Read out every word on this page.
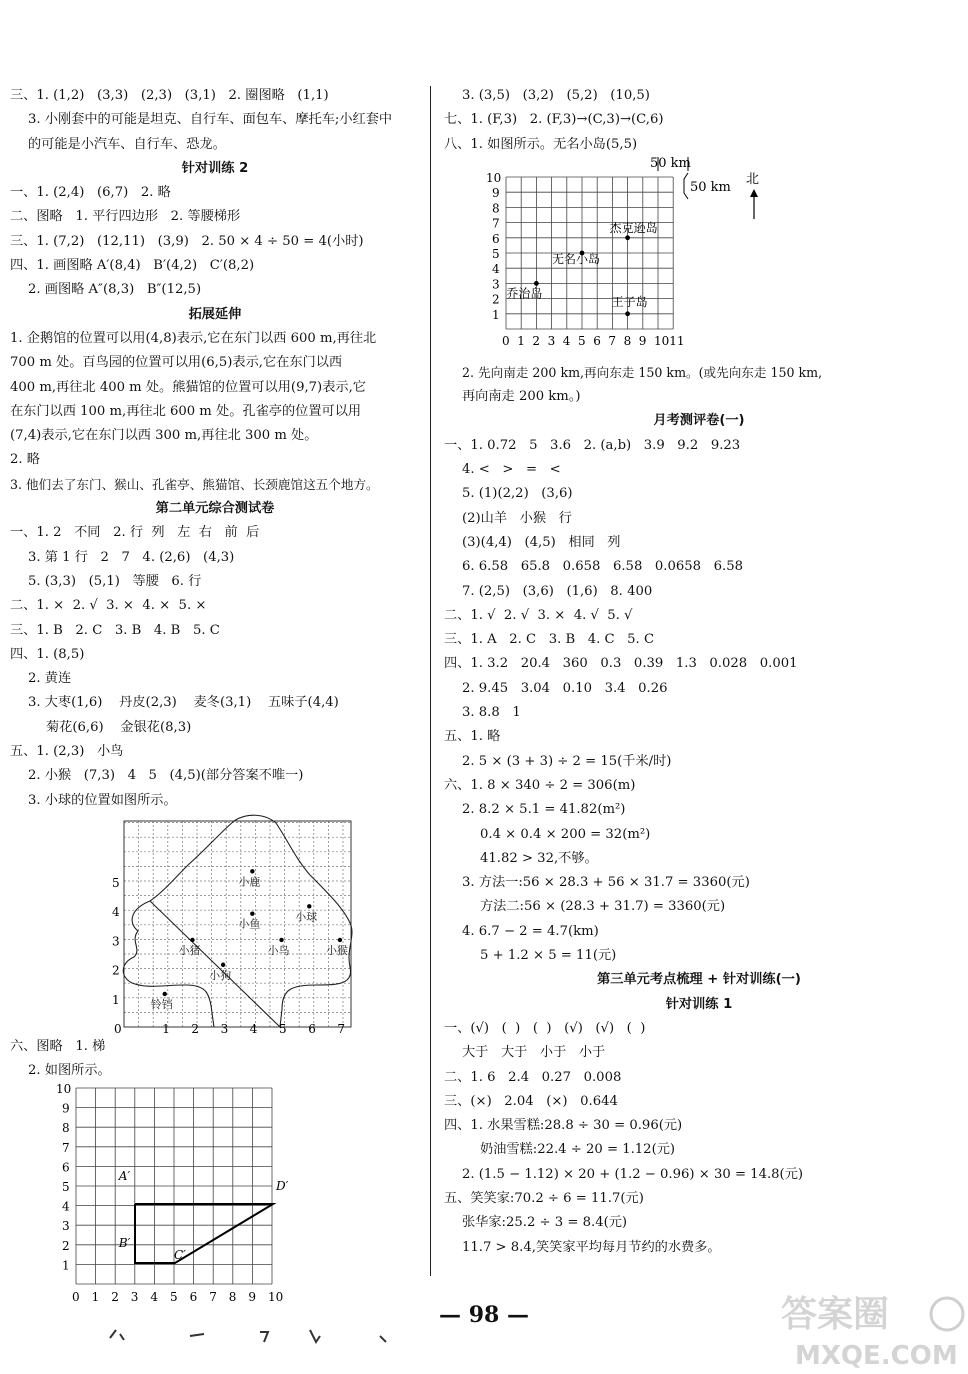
三、1. (1,2)   (3,3)   (2,3)   (3,1)   2. 圈图略   (1,1)
3. 小刚套中的可能是坦克、自行车、面包车、摩托车;小红套中
的可能是小汽车、自行车、恐龙。
针对训练 2
一、1. (2,4)   (6,7)   2. 略
二、图略   1. 平行四边形   2. 等腰梯形
三、1. (7,2)   (12,11)   (3,9)   2. 50 × 4 ÷ 50 = 4(小时)
四、1. 画图略 A′(8,4)   B′(4,2)   C′(8,2)
2. 画图略 A″(8,3)   B″(12,5)
拓展延伸
1. 企鹅馆的位置可以用(4,8)表示,它在东门以西 600 m,再往北
700 m 处。百鸟园的位置可以用(6,5)表示,它在东门以西
400 m,再往北 400 m 处。熊猫馆的位置可以用(9,7)表示,它
在东门以西 100 m,再往北 600 m 处。孔雀亭的位置可以用
(7,4)表示,它在东门以西 300 m,再往北 300 m 处。
2. 略
3. 他们去了东门、猴山、孔雀亭、熊猫馆、长颈鹿馆这五个地方。
第二单元综合测试卷
一、1. 2   不同   2. 行  列   左  右   前  后
3. 第 1 行   2   7   4. (2,6)   (4,3)
5. (3,3)   (5,1)   等腰   6. 行
二、1. ×  2. √  3. ×  4. ×  5. ×
三、1. B   2. C   3. B   4. B   5. C
四、1. (8,5)
2. 黄连
3. 大枣(1,6)    丹皮(2,3)    麦冬(3,1)    五味子(4,4)
菊花(6,6)    金银花(8,3)
五、1. (2,3)   小鸟
2. 小猴   (7,3)   4   5   (4,5)(部分答案不唯一)
3. 小球的位置如图所示。
小鹿
小球
小鱼
小猴
小猪	小鸟
小狗
铃铛
0	1 2 3 4 5 6 7
1
2
3
4
5
六、图略   1. 梯
2. 如图所示。
A′
B′
C′
D′
0 1 2 3 4 5 6 7 8 9 10
1
2
3
4
5
6
7
8
9
10
3. (3,5)   (3,2)   (5,2)   (10,5)
七、1. (F,3)   2. (F,3)→(C,3)→(C,6)
八、1. 如图所示。无名小岛(5,5)
杰克逊岛
无名小岛
乔治岛
王子岛
0 1 2 3 4 5 6 7 8 9 10 11
1
2
3
4
5
6
7
8
9
10
50 km
50 km
北
2. 先向南走 200 km,再向东走 150 km。(或先向东走 150 km,
再向南走 200 km。)
月考测评卷(一)
一、1. 0.72   5   3.6   2. (a,b)   3.9   9.2   9.23
4. <   >   =   <
5. (1)(2,2)   (3,6)
(2)山羊   小猴   行
(3)(4,4)   (4,5)   相同   列
6. 6.58   65.8   0.658   6.58   0.0658   6.58
7. (2,5)   (3,6)   (1,6)   8. 400
二、1. √  2. √  3. ×  4. √  5. √
三、1. A   2. C   3. B   4. C   5. C
四、1. 3.2   20.4   360   0.3   0.39   1.3   0.028   0.001
2. 9.45   3.04   0.10   3.4   0.26
3. 8.8   1
五、1. 略
2. 5 × (3 + 3) ÷ 2 = 15(千米/时)
六、1. 8 × 340 ÷ 2 = 306(m)
2. 8.2 × 5.1 = 41.82(m²)
0.4 × 0.4 × 200 = 32(m²)
41.82 > 32,不够。
3. 方法一:56 × 28.3 + 56 × 31.7 = 3360(元)
方法二:56 × (28.3 + 31.7) = 3360(元)
4. 6.7 − 2 = 4.7(km)
5 + 1.2 × 5 = 11(元)
第三单元考点梳理 + 针对训练(一)
针对训练 1
一、(√)   (  )   (  )   (√)   (√)   (  )
大于   大于   小于   小于
二、1. 6   2.4   0.27   0.008
三、(×)   2.04   (×)   0.644
四、1. 水果雪糕:28.8 ÷ 30 = 0.96(元)
奶油雪糕:22.4 ÷ 20 = 1.12(元)
2. (1.5 − 1.12) × 20 + (1.2 − 0.96) × 30 = 14.8(元)
五、笑笑家:70.2 ÷ 6 = 11.7(元)
张华家:25.2 ÷ 3 = 8.4(元)
11.7 > 8.4,笑笑家平均每月节约的水费多。
— 98 —	答案圈
MXQE.COM
